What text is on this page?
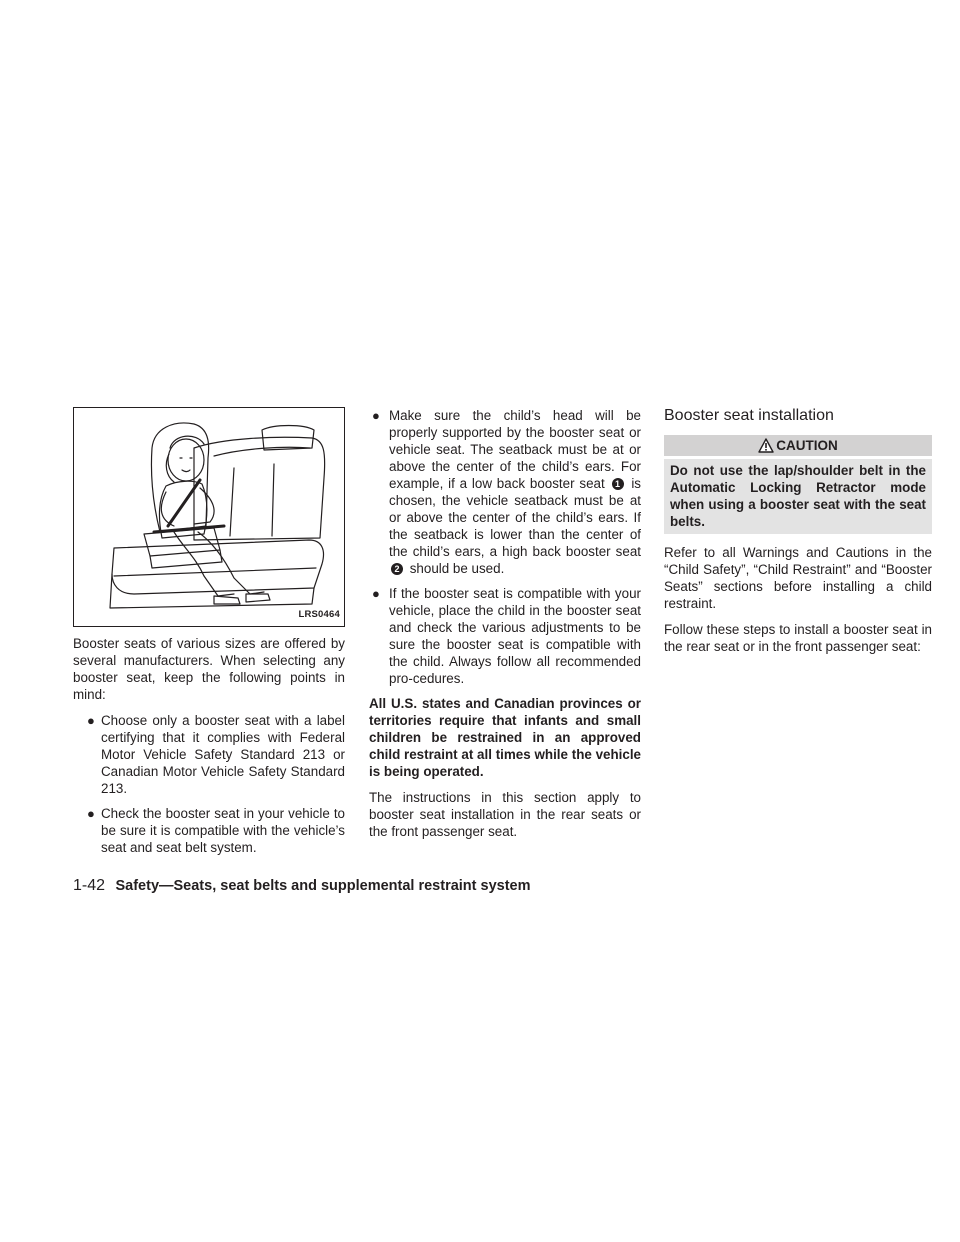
LRS0464

Booster seats of various sizes are offered by several manufacturers. When selecting any booster seat, keep the following points in mind:

● Choose only a booster seat with a label certifying that it complies with Federal Motor Vehicle Safety Standard 213 or Canadian Motor Vehicle Safety Standard 213.
● Check the booster seat in your vehicle to be sure it is compatible with the vehicle’s seat and seat belt system.
● Make sure the child’s head will be properly supported by the booster seat or vehicle seat. The seatback must be at or above the center of the child’s ears. For example, if a low back booster seat 1 is chosen, the vehicle seatback must be at or above the center of the child’s ears. If the seatback is lower than the center of the child’s ears, a high back booster seat 2 should be used.
● If the booster seat is compatible with your vehicle, place the child in the booster seat and check the various adjustments to be sure the booster seat is compatible with the child. Always follow all recommended pro-cedures.

All U.S. states and Canadian provinces or territories require that infants and small children be restrained in an approved child restraint at all times while the vehicle is being operated.

The instructions in this section apply to booster seat installation in the rear seats or the front passenger seat.

Booster seat installation
CAUTION
Do not use the lap/shoulder belt in the Automatic Locking Retractor mode when using a booster seat with the seat belts.

Refer to all Warnings and Cautions in the “Child Safety”, “Child Restraint” and “Booster Seats” sections before installing a child restraint.

Follow these steps to install a booster seat in the rear seat or in the front passenger seat:

1-42 Safety—Seats, seat belts and supplemental restraint system
